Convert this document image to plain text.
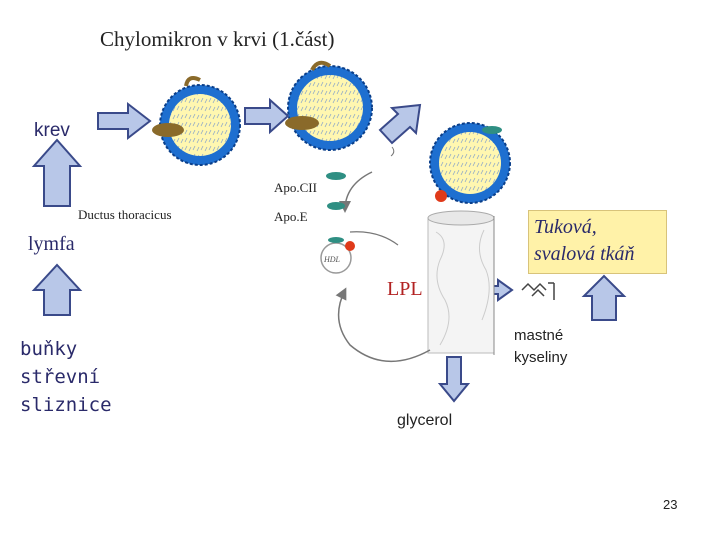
Chylomikron v krvi (1.část)
krev
lymfa
buňky
střevní
sliznice
Ductus thoracicus
Apo.CII
Apo.E	Tuková,
svalová tkáň
LPL
mastné
kyseliny
glycerol
HDL
23
